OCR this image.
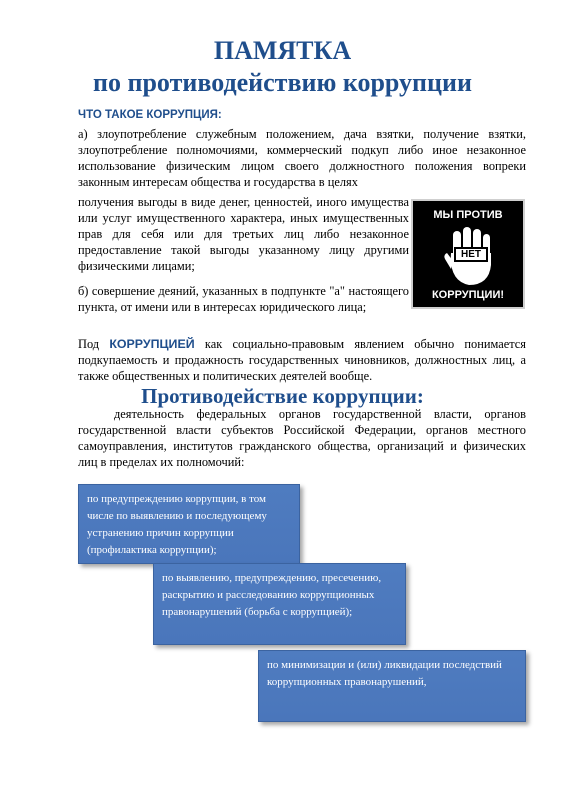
ПАМЯТКА
по противодействию коррупции
ЧТО ТАКОЕ КОРРУПЦИЯ:
а) злоупотребление служебным положением, дача взятки, получение взятки, злоупотребление полномочиями, коммерческий подкуп либо иное незаконное использование физическим лицом своего должностного положения вопреки законным интересам общества и государства в целях
получения выгоды в виде денег, ценностей, иного имущества или услуг имущественного характера, иных имущественных прав для себя или для третьих лиц либо незаконное предоставление такой выгоды указанному лицу другими физическими лицами;
б) совершение деяний, указанных в подпункте "а" настоящего пункта, от имени или в интересах юридического лица;
МЫ ПРОТИВ
НЕТ
КОРРУПЦИИ!
Под КОРРУПЦИЕЙ как социально-правовым явлением обычно понимается подкупаемость и продажность государственных чиновников, должностных лиц, а также общественных и политических деятелей вообще.
Противодействие коррупции:
деятельность федеральных органов государственной власти, органов государственной власти субъектов Российской Федерации, органов местного самоуправления, институтов гражданского общества, организаций и физических лиц в пределах их полномочий:
по предупреждению коррупции, в том числе по выявлению и последующему устранению причин коррупции (профилактика коррупции);
по выявлению, предупреждению, пресечению, раскрытию и расследованию коррупционных правонарушений (борьба с коррупцией);
по минимизации и (или) ликвидации последствий коррупционных правонарушений,
